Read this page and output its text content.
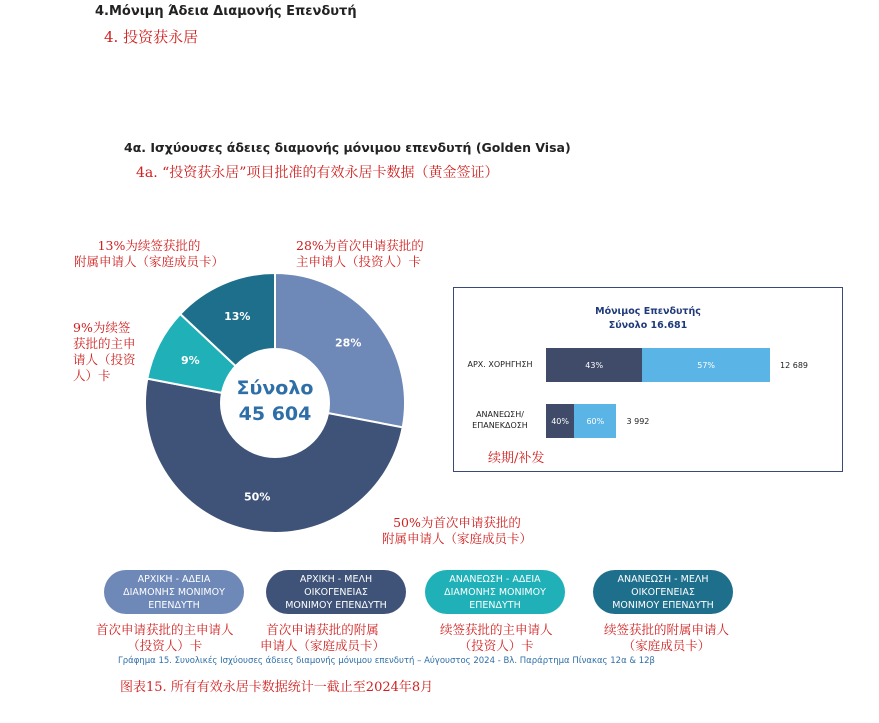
4.Μόνιμη Άδεια Διαμονής Επενδυτή
4. 投资获永居
4α. Ισχύουσες άδειες διαμονής μόνιμου επενδυτή (Golden Visa)
4a. “投资获永居”项目批准的有效永居卡数据（黄金签证）
Σύνολο
45 604
28%
50%
9%
13%
13%为续签获批的
附属申请人（家庭成员卡）
28%为首次申请获批的
主申请人（投资人）卡
9%为续签
获批的主申
请人（投资
人）卡
50%为首次申请获批的
附属申请人（家庭成员卡）
Μόνιμος Επενδυτής
Σύνολο 16.681
ΑΡΧ. ΧΟΡΗΓΗΣΗ	43%	57%	12 689
ΑΝΑΝΕΩΣΗ/ ΕΠΑΝΕΚΔΟΣΗ	40%	60%	3 992
续期/补发	Θήλυ	Άρρεν
ΑΡΧΙΚΗ - ΑΔΕΙΑ
ΔΙΑΜΟΝΗΣ ΜΟΝΙΜΟΥ
ΕΠΕΝΔΥΤΗ
首次申请获批的主申请人
（投资人）卡
ΑΡΧΙΚΗ - ΜΕΛΗ
ΟΙΚΟΓΕΝΕΙΑΣ
ΜΟΝΙΜΟΥ ΕΠΕΝΔΥΤΗ
首次申请获批的附属
申请人（家庭成员卡）
ΑΝΑΝΕΩΣΗ - ΑΔΕΙΑ
ΔΙΑΜΟΝΗΣ ΜΟΝΙΜΟΥ
ΕΠΕΝΔΥΤΗ
续签获批的主申请人
（投资人）卡
ΑΝΑΝΕΩΣΗ - ΜΕΛΗ
ΟΙΚΟΓΕΝΕΙΑΣ
ΜΟΝΙΜΟΥ ΕΠΕΝΔΥΤΗ
续签获批的附属申请人
（家庭成员卡）
Γράφημα 15. Συνολικές Ισχύουσες άδειες διαμονής μόνιμου επενδυτή – Αύγουστος 2024 - Βλ. Παράρτημα Πίνακας 12α & 12β
图表15. 所有有效永居卡数据统计一截止至2024年8月
